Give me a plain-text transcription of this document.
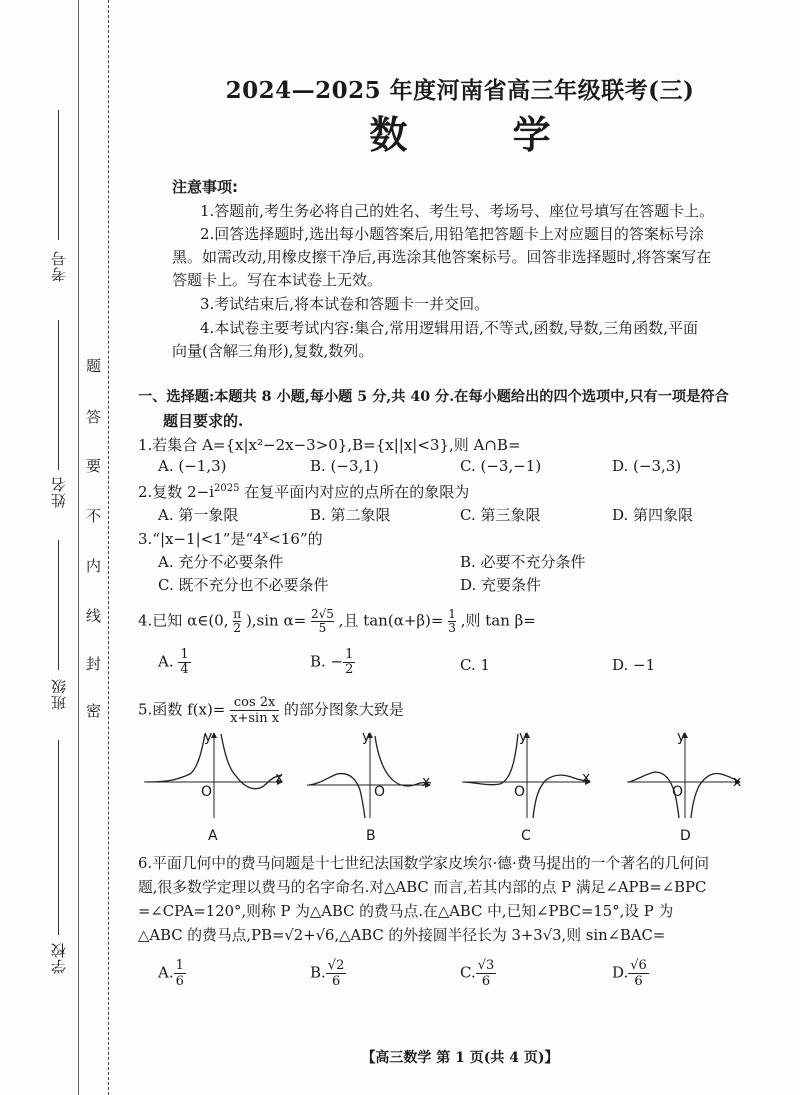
考号
姓名
班级
学校
题
答
要
不
内
线
封
密
2024—2025 年度河南省高三年级联考(三)
数 学
注意事项:
1.答题前,考生务必将自己的姓名、考生号、考场号、座位号填写在答题卡上。
2.回答选择题时,选出每小题答案后,用铅笔把答题卡上对应题目的答案标号涂
黑。如需改动,用橡皮擦干净后,再选涂其他答案标号。回答非选择题时,将答案写在
答题卡上。写在本试卷上无效。
3.考试结束后,将本试卷和答题卡一并交回。
4.本试卷主要考试内容:集合,常用逻辑用语,不等式,函数,导数,三角函数,平面
向量(含解三角形),复数,数列。
一、选择题:本题共 8 小题,每小题 5 分,共 40 分.在每小题给出的四个选项中,只有一项是符合
题目要求的.
1.若集合 A={x|x²−2x−3>0},B={x||x|<3},则 A∩B=
A. (−1,3)	B. (−3,1)	C. (−3,−1)	D. (−3,3)
2.复数 $2-i^{2025}$ 在复平面内对应的点所在的象限为
A. 第一象限	B. 第二象限	C. 第三象限	D. 第四象限
3.“|x−1|<1”是“$4^x<16$”的
A. 充分不必要条件	B. 必要不充分条件
C. 既不充分也不必要条件	D. 充要条件
4.已知 α∈(0, $\frac{\pi}{2} ),\sin$ $\alpha= \frac{2√5}{5}$ ,且 $\tan(\alpha+\beta)= \frac{1}{3}$ ,则 tan β=
A. $\frac{1}{4}$	B. − $\frac{1}{2}$	C. 1	D. −1
5.函数 $f(x)= \frac{\cos 2x}{\text{x+sin x}}$ 的部分图象大致是
y
x
O
A
y
x
O
B
y
x
O
C
y
x
O
D
6.平面几何中的费马问题是十七世纪法国数学家皮埃尔·德·费马提出的一个著名的几何问
题,很多数学定理以费马的名字命名.对△ABC 而言,若其内部的点 P 满足∠APB=∠BPC
=∠CPA=120°,则称 P 为△ABC 的费马点.在△ABC 中,已知∠PBC=15°,设 P 为
△ABC 的费马点,PB=√2+√6,△ABC 的外接圆半径长为 3+3√3,则 sin∠BAC=
A. $\frac{1}{6}$	B. $\frac{√2}{6}$	C. $\frac{√3}{6}$	D. $\frac{√6}{6}$
【高三数学 第 1 页(共 4 页)】
